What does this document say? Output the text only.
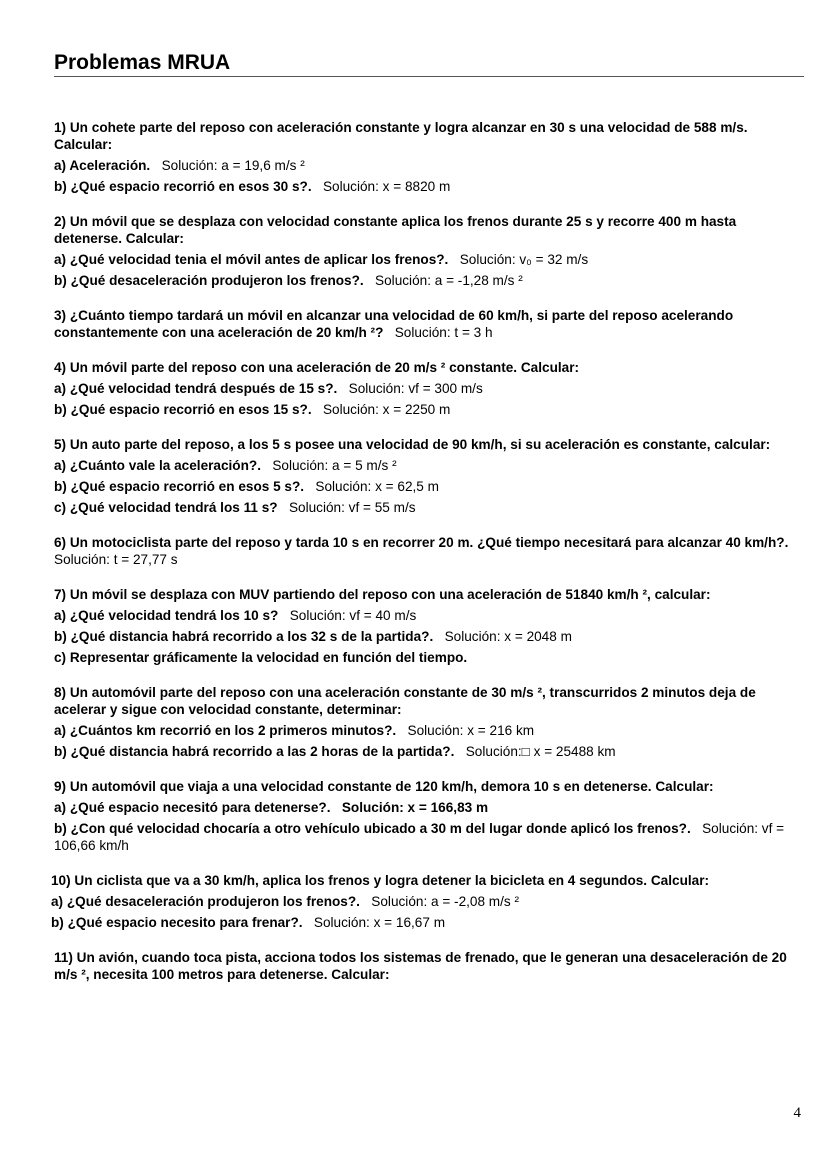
Problemas MRUA

1) Un cohete parte del reposo con aceleración constante y logra alcanzar en 30 s una velocidad de 588 m/s. Calcular:

a) Aceleración. Solución: a = 19,6 m/s ²

b) ¿Qué espacio recorrió en esos 30 s?. Solución: x = 8820 m

2) Un móvil que se desplaza con velocidad constante aplica los frenos durante 25 s y recorre 400 m hasta detenerse. Calcular:

a) ¿Qué velocidad tenia el móvil antes de aplicar los frenos?. Solución: v₀ = 32 m/s

b) ¿Qué desaceleración produjeron los frenos?. Solución: a = -1,28 m/s ²

3) ¿Cuánto tiempo tardará un móvil en alcanzar una velocidad de 60 km/h, si parte del reposo acelerando constantemente con una aceleración de 20 km/h ²? Solución: t = 3 h

4) Un móvil parte del reposo con una aceleración de 20 m/s ² constante. Calcular:

a) ¿Qué velocidad tendrá después de 15 s?. Solución: vf = 300 m/s

b) ¿Qué espacio recorrió en esos 15 s?. Solución: x = 2250 m

5) Un auto parte del reposo, a los 5 s posee una velocidad de 90 km/h, si su aceleración es constante, calcular:

a) ¿Cuánto vale la aceleración?. Solución: a = 5 m/s ²

b) ¿Qué espacio recorrió en esos 5 s?. Solución: x = 62,5 m

c) ¿Qué velocidad tendrá los 11 s? Solución: vf = 55 m/s

6) Un motociclista parte del reposo y tarda 10 s en recorrer 20 m. ¿Qué tiempo necesitará para alcanzar 40 km/h?.   Solución: t = 27,77 s

7) Un móvil se desplaza con MUV partiendo del reposo con una aceleración de 51840 km/h ², calcular:

a) ¿Qué velocidad tendrá los 10 s? Solución: vf = 40 m/s

b) ¿Qué distancia habrá recorrido a los 32 s de la partida?. Solución: x = 2048 m

c) Representar gráficamente la velocidad en función del tiempo.

8) Un automóvil parte del reposo con una aceleración constante de 30 m/s ², transcurridos 2 minutos deja de acelerar y sigue con velocidad constante, determinar:

a) ¿Cuántos km recorrió en los 2 primeros minutos?. Solución: x = 216 km

b) ¿Qué distancia habrá recorrido a las 2 horas de la partida?. Solución:□ x = 25488 km

9) Un automóvil que viaja a una velocidad constante de 120 km/h, demora 10 s en detenerse. Calcular:

a) ¿Qué espacio necesitó para detenerse?. Solución: x = 166,83 m

b) ¿Con qué velocidad chocaría a otro vehículo ubicado a 30 m del lugar donde aplicó los frenos?. Solución: vf = 106,66 km/h

10) Un ciclista que va a 30 km/h, aplica los frenos y logra detener la bicicleta en 4 segundos. Calcular:

a) ¿Qué desaceleración produjeron los frenos?. Solución: a = -2,08 m/s ²

b) ¿Qué espacio necesito para frenar?. Solución: x = 16,67 m

11) Un avión, cuando toca pista, acciona todos los sistemas de frenado, que le generan una desaceleración de 20 m/s ², necesita 100 metros para detenerse. Calcular:

4
